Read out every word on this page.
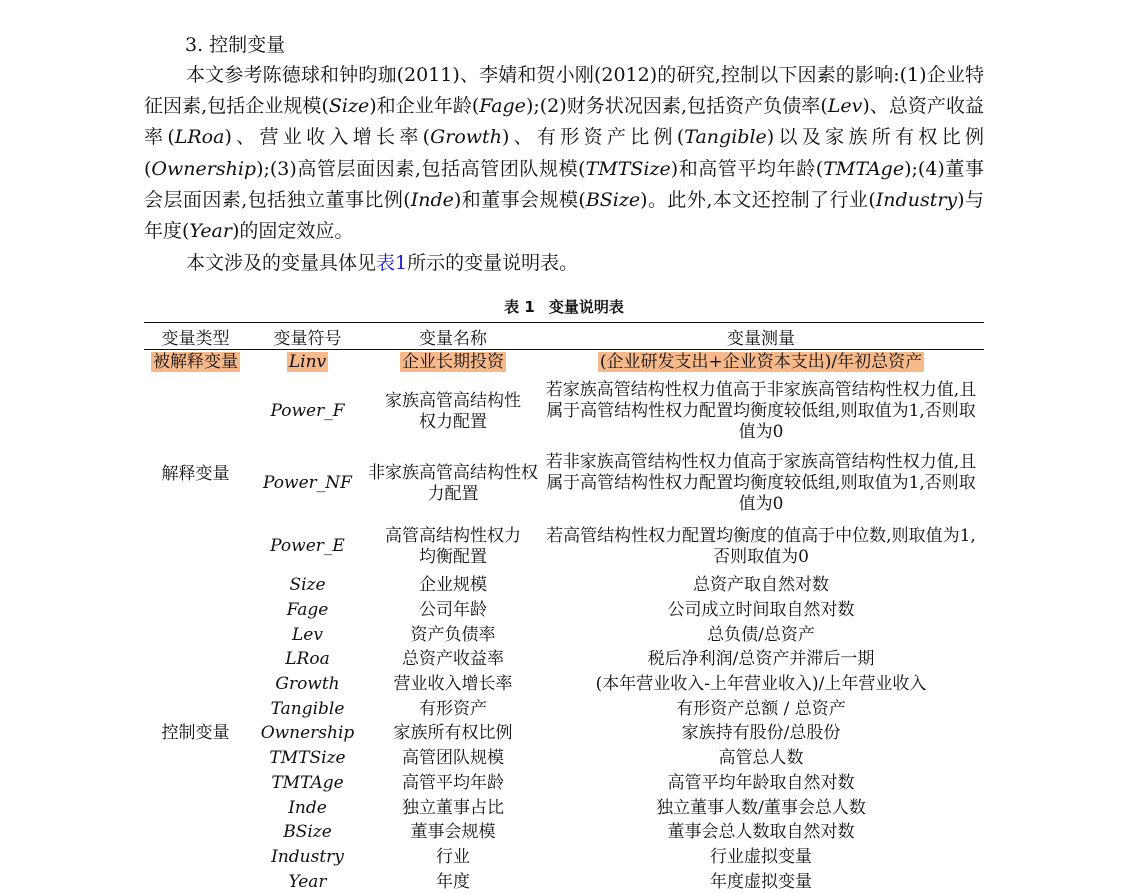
3. 控制变量
本文参考陈德球和钟昀珈(2011)、李婧和贺小刚(2012)的研究,控制以下因素的影响:(1)企业特征因素,包括企业规模(Size)和企业年龄(Fage);(2)财务状况因素,包括资产负债率(Lev)、总资产收益率(LRoa)、营业收入增长率(Growth)、有形资产比例(Tangible)以及家族所有权比例(Ownership);(3)高管层面因素,包括高管团队规模(TMTSize)和高管平均年龄(TMTAge);(4)董事会层面因素,包括独立董事比例(Inde)和董事会规模(BSize)。此外,本文还控制了行业(Industry)与年度(Year)的固定效应。
本文涉及的变量具体见表1所示的变量说明表。
表 1 变量说明表
变量类型	变量符号	变量名称	变量测量
被解释变量	Linv	企业长期投资	(企业研发支出+企业资本支出)/年初总资产
解释变量	Power_F	家族高管高结构性权力配置	若家族高管结构性权力值高于非家族高管结构性权力值,且属于高管结构性权力配置均衡度较低组,则取值为1,否则取值为0
	Power_NF	非家族高管高结构性权力配置	若非家族高管结构性权力值高于家族高管结构性权力值,且属于高管结构性权力配置均衡度较低组,则取值为1,否则取值为0
	Power_E	高管高结构性权力均衡配置	若高管结构性权力配置均衡度的值高于中位数,则取值为1,否则取值为0
控制变量	Size	企业规模	总资产取自然对数
	Fage	公司年龄	公司成立时间取自然对数
	Lev	资产负债率	总负债/总资产
	LRoa	总资产收益率	税后净利润/总资产并滞后一期
	Growth	营业收入增长率	(本年营业收入-上年营业收入)/上年营业收入
	Tangible	有形资产	有形资产总额 / 总资产
	Ownership	家族所有权比例	家族持有股份/总股份
	TMTSize	高管团队规模	高管总人数
	TMTAge	高管平均年龄	高管平均年龄取自然对数
	Inde	独立董事占比	独立董事人数/董事会总人数
	BSize	董事会规模	董事会总人数取自然对数
	Industry	行业	行业虚拟变量
	Year	年度	年度虚拟变量
